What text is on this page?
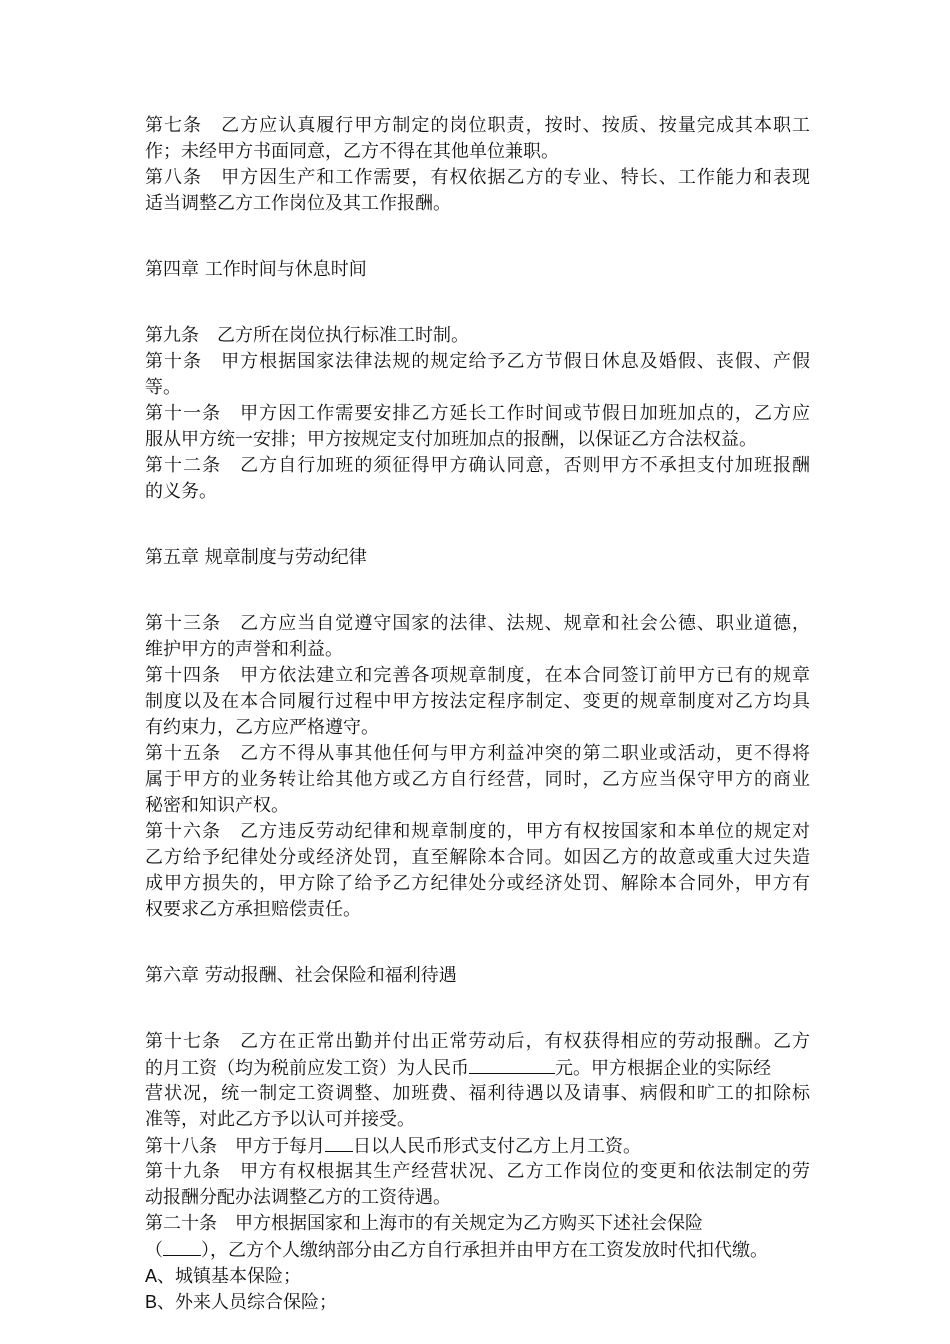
第七条　乙方应认真履行甲方制定的岗位职责，按时、按质、按量完成其本职工
作；未经甲方书面同意，乙方不得在其他单位兼职。
第八条　甲方因生产和工作需要，有权依据乙方的专业、特长、工作能力和表现
适当调整乙方工作岗位及其工作报酬。
第四章 工作时间与休息时间
第九条　乙方所在岗位执行标准工时制。
第十条　甲方根据国家法律法规的规定给予乙方节假日休息及婚假、丧假、产假
等。
第十一条　甲方因工作需要安排乙方延长工作时间或节假日加班加点的，乙方应
服从甲方统一安排；甲方按规定支付加班加点的报酬，以保证乙方合法权益。
第十二条　乙方自行加班的须征得甲方确认同意，否则甲方不承担支付加班报酬
的义务。
第五章 规章制度与劳动纪律
第十三条　乙方应当自觉遵守国家的法律、法规、规章和社会公德、职业道德，
维护甲方的声誉和利益。
第十四条　甲方依法建立和完善各项规章制度，在本合同签订前甲方已有的规章
制度以及在本合同履行过程中甲方按法定程序制定、变更的规章制度对乙方均具
有约束力，乙方应严格遵守。
第十五条　乙方不得从事其他任何与甲方利益冲突的第二职业或活动，更不得将
属于甲方的业务转让给其他方或乙方自行经营，同时，乙方应当保守甲方的商业
秘密和知识产权。
第十六条　乙方违反劳动纪律和规章制度的，甲方有权按国家和本单位的规定对
乙方给予纪律处分或经济处罚，直至解除本合同。如因乙方的故意或重大过失造
成甲方损失的，甲方除了给予乙方纪律处分或经济处罚、解除本合同外，甲方有
权要求乙方承担赔偿责任。
第六章 劳动报酬、社会保险和福利待遇
第十七条　乙方在正常出勤并付出正常劳动后，有权获得相应的劳动报酬。乙方
的月工资（均为税前应发工资）为人民币	元。甲方根据企业的实际经
营状况，统一制定工资调整、加班费、福利待遇以及请事、病假和旷工的扣除标
准等，对此乙方予以认可并接受。
第十八条　甲方于每月 日以人民币形式支付乙方上月工资。
第十九条　甲方有权根据其生产经营状况、乙方工作岗位的变更和依法制定的劳
动报酬分配办法调整乙方的工资待遇。
第二十条　甲方根据国家和上海市的有关规定为乙方购买下述社会保险
（ ），乙方个人缴纳部分由乙方自行承担并由甲方在工资发放时代扣代缴。
A、城镇基本保险；
B、外来人员综合保险；
